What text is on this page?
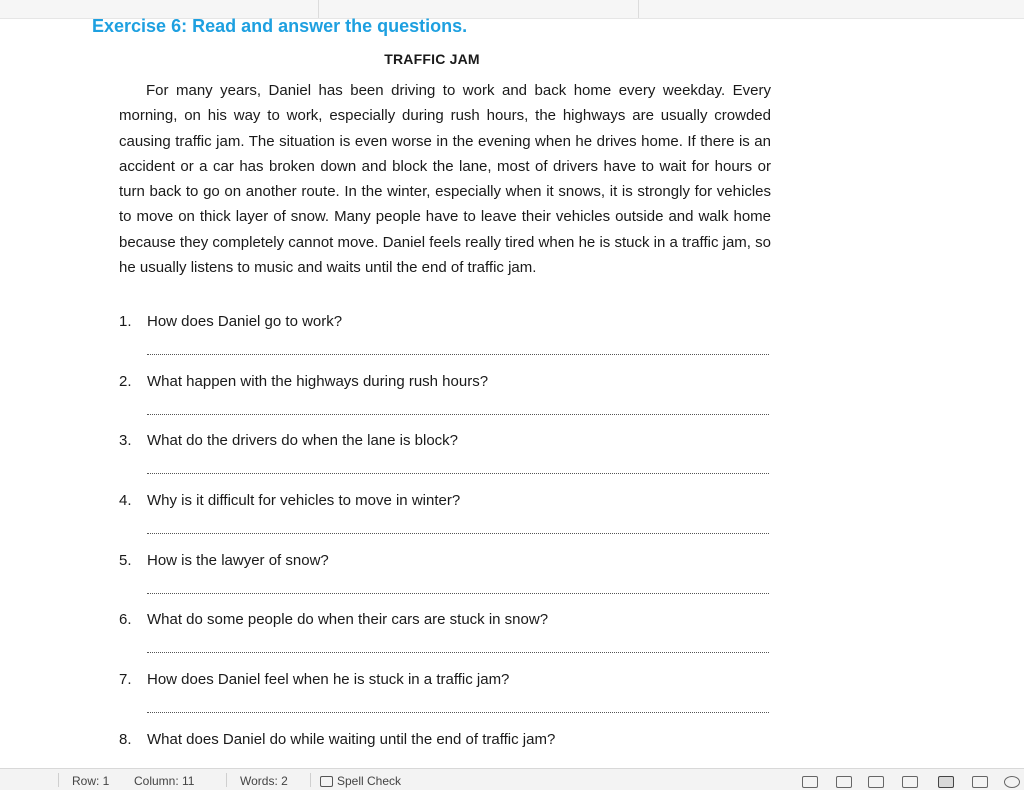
Exercise 6: Read and answer the questions.
TRAFFIC JAM

For many years, Daniel has been driving to work and back home every weekday. Every morning, on his way to work, especially during rush hours, the highways are usually crowded causing traffic jam. The situation is even worse in the evening when he drives home. If there is an accident or a car has broken down and block the lane, most of drivers have to wait for hours or turn back to go on another route. In the winter, especially when it snows, it is strongly for vehicles to move on thick layer of snow. Many people have to leave their vehicles outside and walk home because they completely cannot move. Daniel feels really tired when he is stuck in a traffic jam, so he usually listens to music and waits until the end of traffic jam.

1.	How does Daniel go to work?
2.	What happen with the highways during rush hours?
3.	What do the drivers do when the lane is block?
4.	Why is it difficult for vehicles to move in winter?
5.	How is the lawyer of snow?
6.	What do some people do when their cars are stuck in snow?
7.	How does Daniel feel when he is stuck in a traffic jam?
8.	What does Daniel do while waiting until the end of traffic jam?
Row: 1 Column: 11	Words: 2	Spell Check
